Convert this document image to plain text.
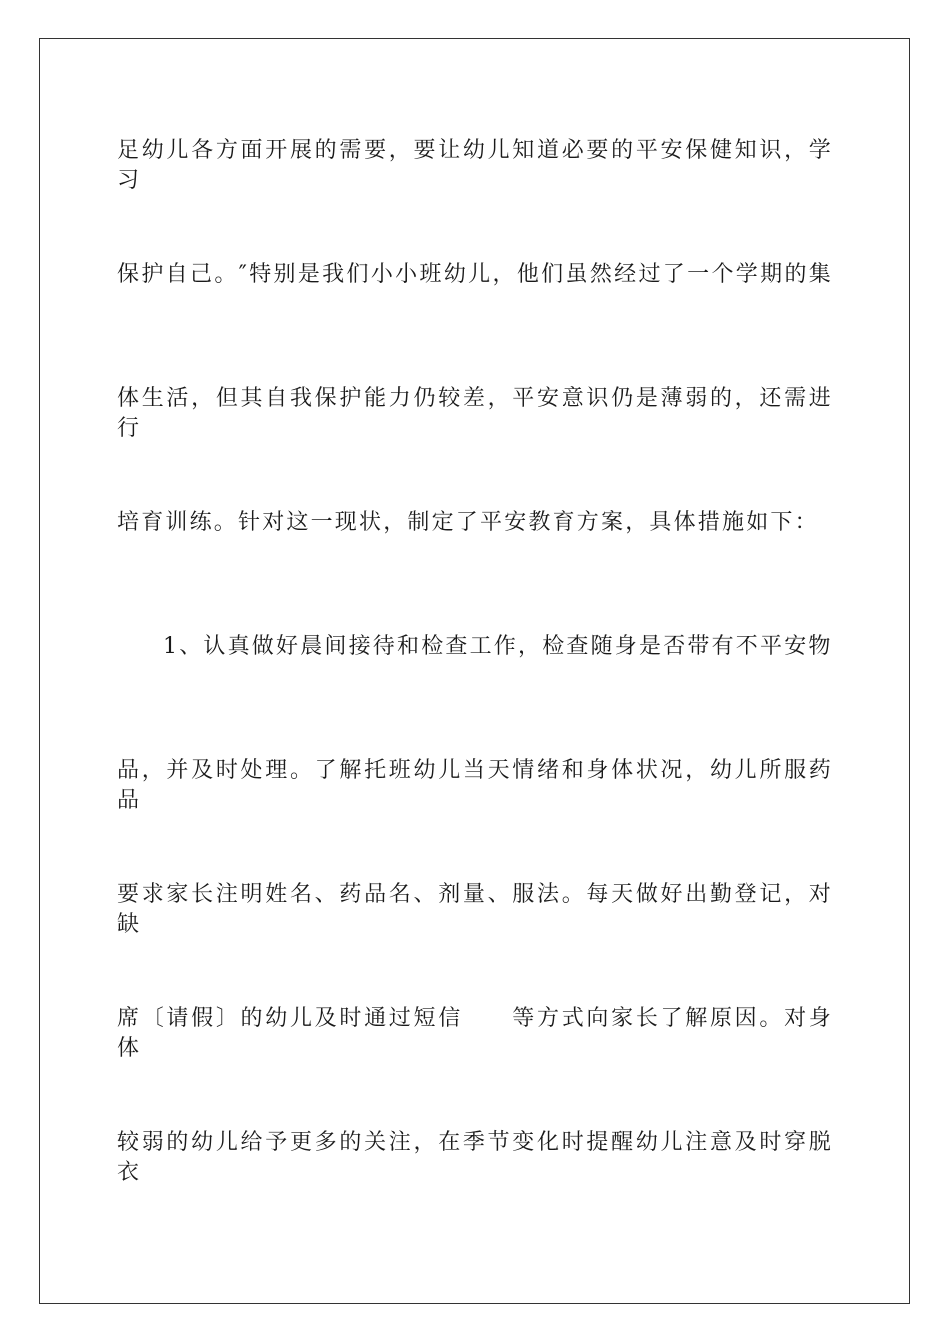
足幼儿各方面开展的需要，要让幼儿知道必要的平安保健知识，学习
保护自己。″特别是我们小小班幼儿，他们虽然经过了一个学期的集
体生活，但其自我保护能力仍较差，平安意识仍是薄弱的，还需进行
培育训练。针对这一现状，制定了平安教育方案，具体措施如下：
1、认真做好晨间接待和检查工作，检查随身是否带有不平安物
品，并及时处理。了解托班幼儿当天情绪和身体状况，幼儿所服药品
要求家长注明姓名、药品名、剂量、服法。每天做好出勤登记，对缺
席〔请假〕的幼儿及时通过短信　　等方式向家长了解原因。对身体
较弱的幼儿给予更多的关注，在季节变化时提醒幼儿注意及时穿脱衣
